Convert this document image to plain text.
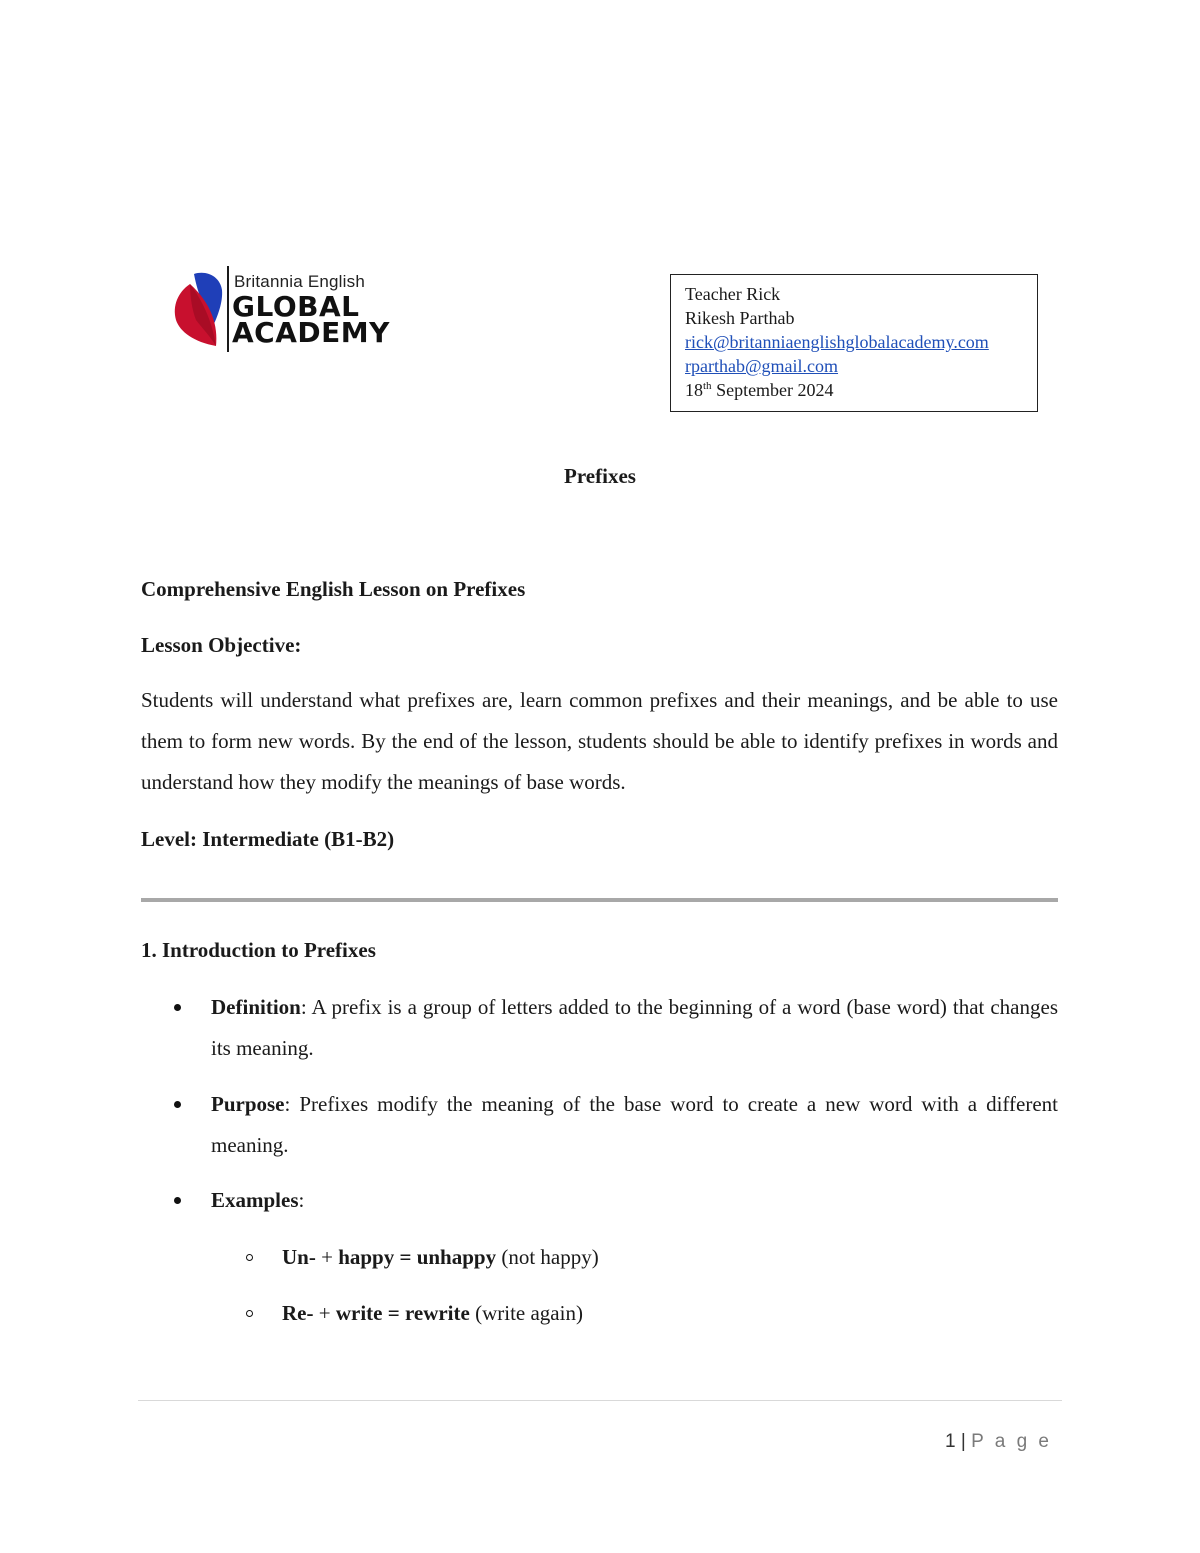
Britannia English
GLOBAL
ACADEMY
Teacher Rick
Rikesh Parthab
rick@britanniaenglishglobalacademy.com
rparthab@gmail.com
18th September 2024
Prefixes
Comprehensive English Lesson on Prefixes
Lesson Objective:
Students will understand what prefixes are, learn common prefixes and their meanings, and be able to use them to form new words. By the end of the lesson, students should be able to identify prefixes in words and understand how they modify the meanings of base words.
Level: Intermediate (B1-B2)
1. Introduction to Prefixes
Definition: A prefix is a group of letters added to the beginning of a word (base word) that changes its meaning.
Purpose: Prefixes modify the meaning of the base word to create a new word with a different meaning.
Examples:
Un- + happy = unhappy (not happy)
Re- + write = rewrite (write again)
1 | P a g e
